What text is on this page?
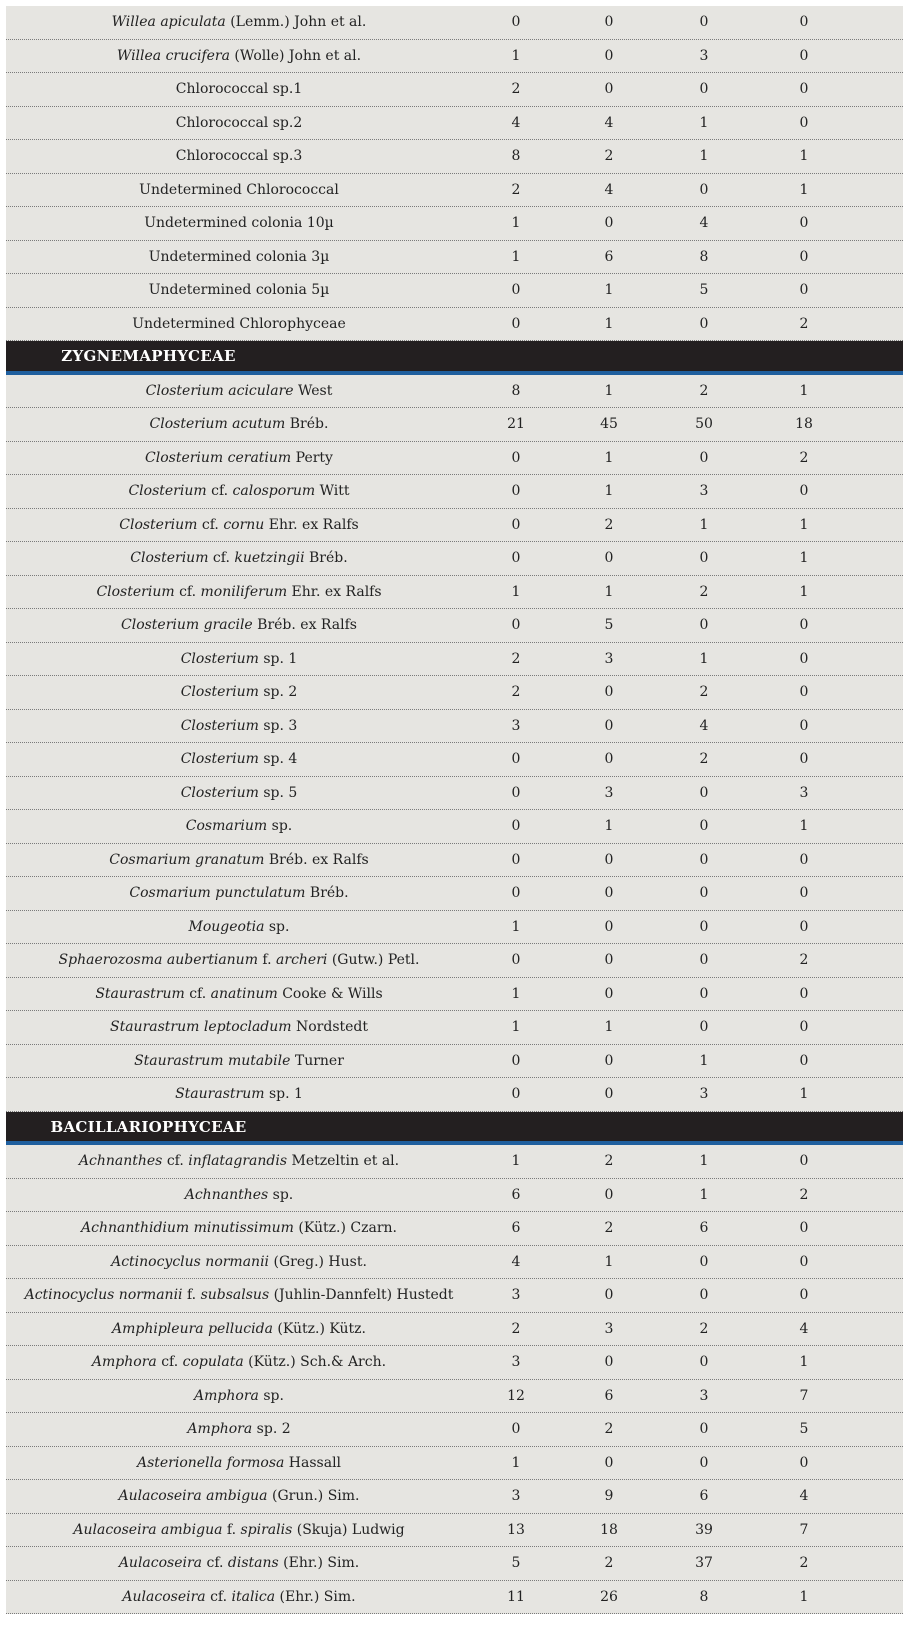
Willea apiculata (Lemm.) John et al.	0	0	0	0
Willea crucifera (Wolle) John et al.	1	0	3	0
Chlorococcal sp.1	2	0	0	0
Chlorococcal sp.2	4	4	1	0
Chlorococcal sp.3	8	2	1	1
Undetermined Chlorococcal	2	4	0	1
Undetermined colonia 10µ	1	0	4	0
Undetermined colonia 3µ	1	6	8	0
Undetermined colonia 5µ	0	1	5	0
Undetermined Chlorophyceae	0	1	0	2
ZYGNEMAPHYCEAE
Closterium aciculare West	8	1	2	1
Closterium acutum Bréb.	21	45	50	18
Closterium ceratium Perty	0	1	0	2
Closterium cf. calosporum Witt	0	1	3	0
Closterium cf. cornu Ehr. ex Ralfs	0	2	1	1
Closterium cf. kuetzingii Bréb.	0	0	0	1
Closterium cf. moniliferum Ehr. ex Ralfs	1	1	2	1
Closterium gracile Bréb. ex Ralfs	0	5	0	0
Closterium sp. 1	2	3	1	0
Closterium sp. 2	2	0	2	0
Closterium sp. 3	3	0	4	0
Closterium sp. 4	0	0	2	0
Closterium sp. 5	0	3	0	3
Cosmarium sp.	0	1	0	1
Cosmarium granatum Bréb. ex Ralfs	0	0	0	0
Cosmarium punctulatum Bréb.	0	0	0	0
Mougeotia sp.	1	0	0	0
Sphaerozosma aubertianum f. archeri (Gutw.) Petl.	0	0	0	2
Staurastrum cf. anatinum Cooke & Wills	1	0	0	0
Staurastrum leptocladum Nordstedt	1	1	0	0
Staurastrum mutabile Turner	0	0	1	0
Staurastrum sp. 1	0	0	3	1
BACILLARIOPHYCEAE
Achnanthes cf. inflatagrandis Metzeltin et al.	1	2	1	0
Achnanthes sp.	6	0	1	2
Achnanthidium minutissimum (Kütz.) Czarn.	6	2	6	0
Actinocyclus normanii (Greg.) Hust.	4	1	0	0
Actinocyclus normanii f. subsalsus (Juhlin-Dannfelt) Hustedt	3	0	0	0
Amphipleura pellucida (Kütz.) Kütz.	2	3	2	4
Amphora cf. copulata (Kütz.) Sch.& Arch.	3	0	0	1
Amphora sp.	12	6	3	7
Amphora sp. 2	0	2	0	5
Asterionella formosa Hassall	1	0	0	0
Aulacoseira ambigua (Grun.) Sim.	3	9	6	4
Aulacoseira ambigua f. spiralis (Skuja) Ludwig	13	18	39	7
Aulacoseira cf. distans (Ehr.) Sim.	5	2	37	2
Aulacoseira cf. italica (Ehr.) Sim.	11	26	8	1
